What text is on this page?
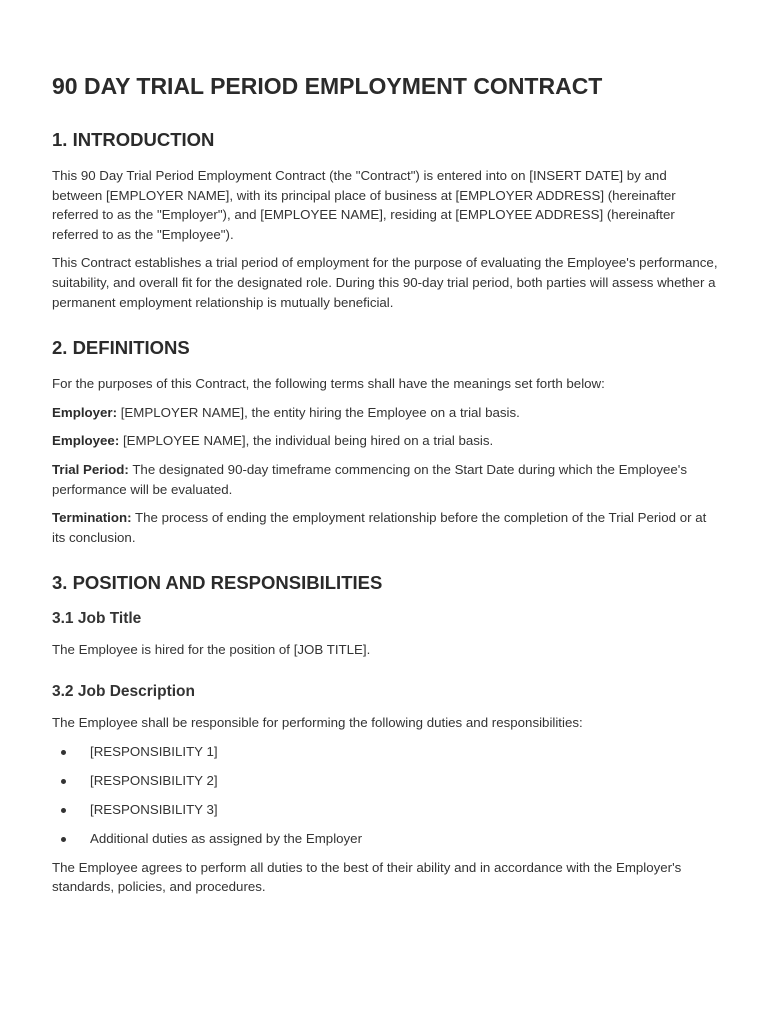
90 DAY TRIAL PERIOD EMPLOYMENT CONTRACT
1. INTRODUCTION

This 90 Day Trial Period Employment Contract (the "Contract") is entered into on [INSERT DATE] by and between [EMPLOYER NAME], with its principal place of business at [EMPLOYER ADDRESS] (hereinafter referred to as the "Employer"), and [EMPLOYEE NAME], residing at [EMPLOYEE ADDRESS] (hereinafter referred to as the "Employee").

This Contract establishes a trial period of employment for the purpose of evaluating the Employee's performance, suitability, and overall fit for the designated role. During this 90-day trial period, both parties will assess whether a permanent employment relationship is mutually beneficial.

2. DEFINITIONS

For the purposes of this Contract, the following terms shall have the meanings set forth below:

Employer: [EMPLOYER NAME], the entity hiring the Employee on a trial basis.

Employee: [EMPLOYEE NAME], the individual being hired on a trial basis.

Trial Period: The designated 90-day timeframe commencing on the Start Date during which the Employee's performance will be evaluated.

Termination: The process of ending the employment relationship before the completion of the Trial Period or at its conclusion.

3. POSITION AND RESPONSIBILITIES
3.1 Job Title

The Employee is hired for the position of [JOB TITLE].

3.2 Job Description

The Employee shall be responsible for performing the following duties and responsibilities:

[RESPONSIBILITY 1]
[RESPONSIBILITY 2]
[RESPONSIBILITY 3]
Additional duties as assigned by the Employer

The Employee agrees to perform all duties to the best of their ability and in accordance with the Employer's standards, policies, and procedures.
